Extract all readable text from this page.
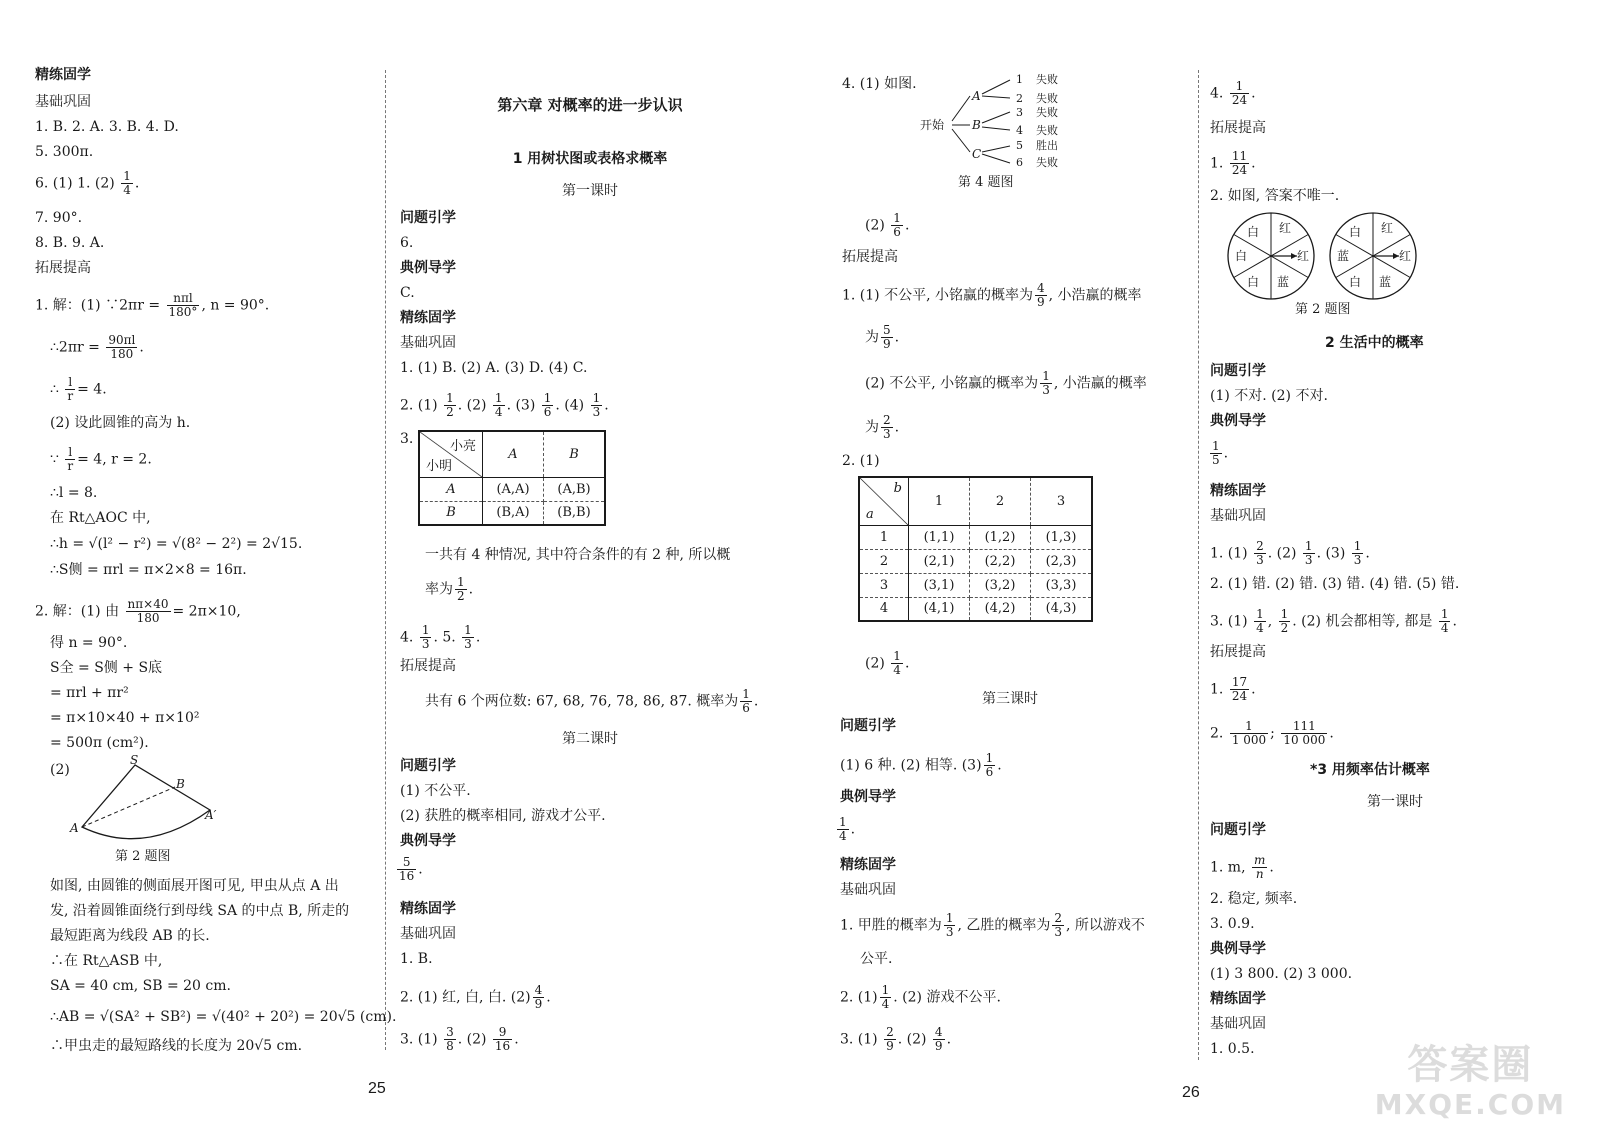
精练固学
基础巩固
1. B. 2. A. 3. B. 4. D.
5. 300π.
6. (1) 1. $(2) \frac{1}{4}$ .
7. 90°.
8. B. 9. A.
拓展提高
1. 解：(1) ∵2πr = $\frac{\text{nπl}}{180^\circ}$ , n = 90°.
∴2πr = $\frac{90\pi l}{180}$ .
∴ $\frac{l}{r} = 4$.
(2) 设此圆锥的高为 h.
∵ $\frac{l}{r} = 4$, r = 2.
∴l = 8.
在 Rt△AOC 中,
∴h = √(l² − r²) = √(8² − 2²) = 2√15.
∴S侧 = πrl = π×2×8 = 16π.
2. 解：(1) 由 $\frac{n\pi\times 40}{180} = 2\pi\times 10$,
得 n = 90°.
S全 = S侧 + S底
= πrl + πr²
= π×10×40 + π×10²
= 500π (cm²).
(2)
S
B
A
A′
第 2 题图
如图, 由圆锥的侧面展开图可见, 甲虫从点 A 出
发, 沿着圆锥面绕行到母线 SA 的中点 B, 所走的
最短距离为线段 AB 的长.
∴在 Rt△ASB 中,
SA = 40 cm, SB = 20 cm.
∴AB = √(SA² + SB²) = √(40² + 20²) = 20√5 (cm).
∴甲虫走的最短路线的长度为 20√5 cm.
第六章 对概率的进一步认识
1 用树状图或表格求概率
第一课时
问题引学
6.
典例导学
C.
精练固学
基础巩固
1. (1) B. (2) A. (3) D. (4) C.
2. $(1) \frac{1}{2}$ . $(2) \frac{1}{4}$ . $(3) \frac{1}{6}$ . $(4) \frac{1}{3}$ .
3.	小亮
小明	A	B
A	(A,A)	(A,B)
B	(B,A)	(B,B)
一共有 4 种情况, 其中符合条件的有 2 种, 所以概
率为 $\frac{1}{2}$ .
4. $\frac{1}{3}$ . 5. $\frac{1}{3}$ .
拓展提高
共有 6 个两位数: 67, 68, 76, 78, 86, 87. 概率为 $\frac{1}{6}$ .
第二课时
问题引学
(1) 不公平.
(2) 获胜的概率相同, 游戏才公平.
典例导学
$\frac{5}{16}$ .
精练固学
基础巩固
1. B.
2. (1) 红, 白, 白. $(2) \frac{4}{9}$ .
3. $(1) \frac{3}{8}$ . $(2) \frac{9}{16}$ .
25	26
4. (1) 如图.
开始
A
B
C
1
2
3
4
5
6
失败
失败
失败
失败
胜出
失败
第 4 题图
$(2) \frac{1}{6}$ .
拓展提高
1. (1) 不公平, 小铭赢的概率为 $\frac{4}{9}$ , 小浩赢的概率
为 $\frac{5}{9}$ .
(2) 不公平, 小铭赢的概率为 $\frac{1}{3}$ , 小浩赢的概率
为 $\frac{2}{3}$ .
2. (1)
b
a	1	2	3
1	(1,1)	(1,2)	(1,3)
2	(2,1)	(2,2)	(2,3)
3	(3,1)	(3,2)	(3,3)
4	(4,1)	(4,2)	(4,3)
$(2) \frac{1}{4}$ .
第三课时
问题引学
(1) 6 种. (2) 相等. $(3) \frac{1}{6}$ .
典例导学
$\frac{1}{4}$ .
精练固学
基础巩固
1. 甲胜的概率为 $\frac{1}{3}$ , 乙胜的概率为 $\frac{2}{3}$ , 所以游戏不
公平.
2. $(1) \frac{1}{4}$ . (2) 游戏不公平.
3. $(1) \frac{2}{9}$ . $(2) \frac{4}{9}$ .
4. $\frac{1}{24}$ .
拓展提高
1. $\frac{11}{24}$ .
2. 如图, 答案不唯一.
白 红
红
蓝
白
白
白 红
红
蓝
白
蓝
第 2 题图
2 生活中的概率
问题引学
(1) 不对. (2) 不对.
典例导学
$\frac{1}{5}$ .
精练固学
基础巩固
1. $(1) \frac{2}{3}$ . $(2) \frac{1}{3}$ . $(3) \frac{1}{3}$ .
2. (1) 错. (2) 错. (3) 错. (4) 错. (5) 错.
3. $(1) \frac{1}{4}$ , $\frac{1}{2}$ . (2) 机会都相等, 都是 $\frac{1}{4}$ .
拓展提高
1. $\frac{17}{24}$ .
2. $\frac{1}{1 000}$ ; $\frac{111}{10 000}$ .
*3 用频率估计概率
第一课时
问题引学
1. m, $\frac{m}{n}$ .
2. 稳定, 频率.
3. 0.9.
典例导学
(1) 3 800. (2) 3 000.
精练固学
基础巩固
1. 0.5.	答案圈
MXQE.COM
